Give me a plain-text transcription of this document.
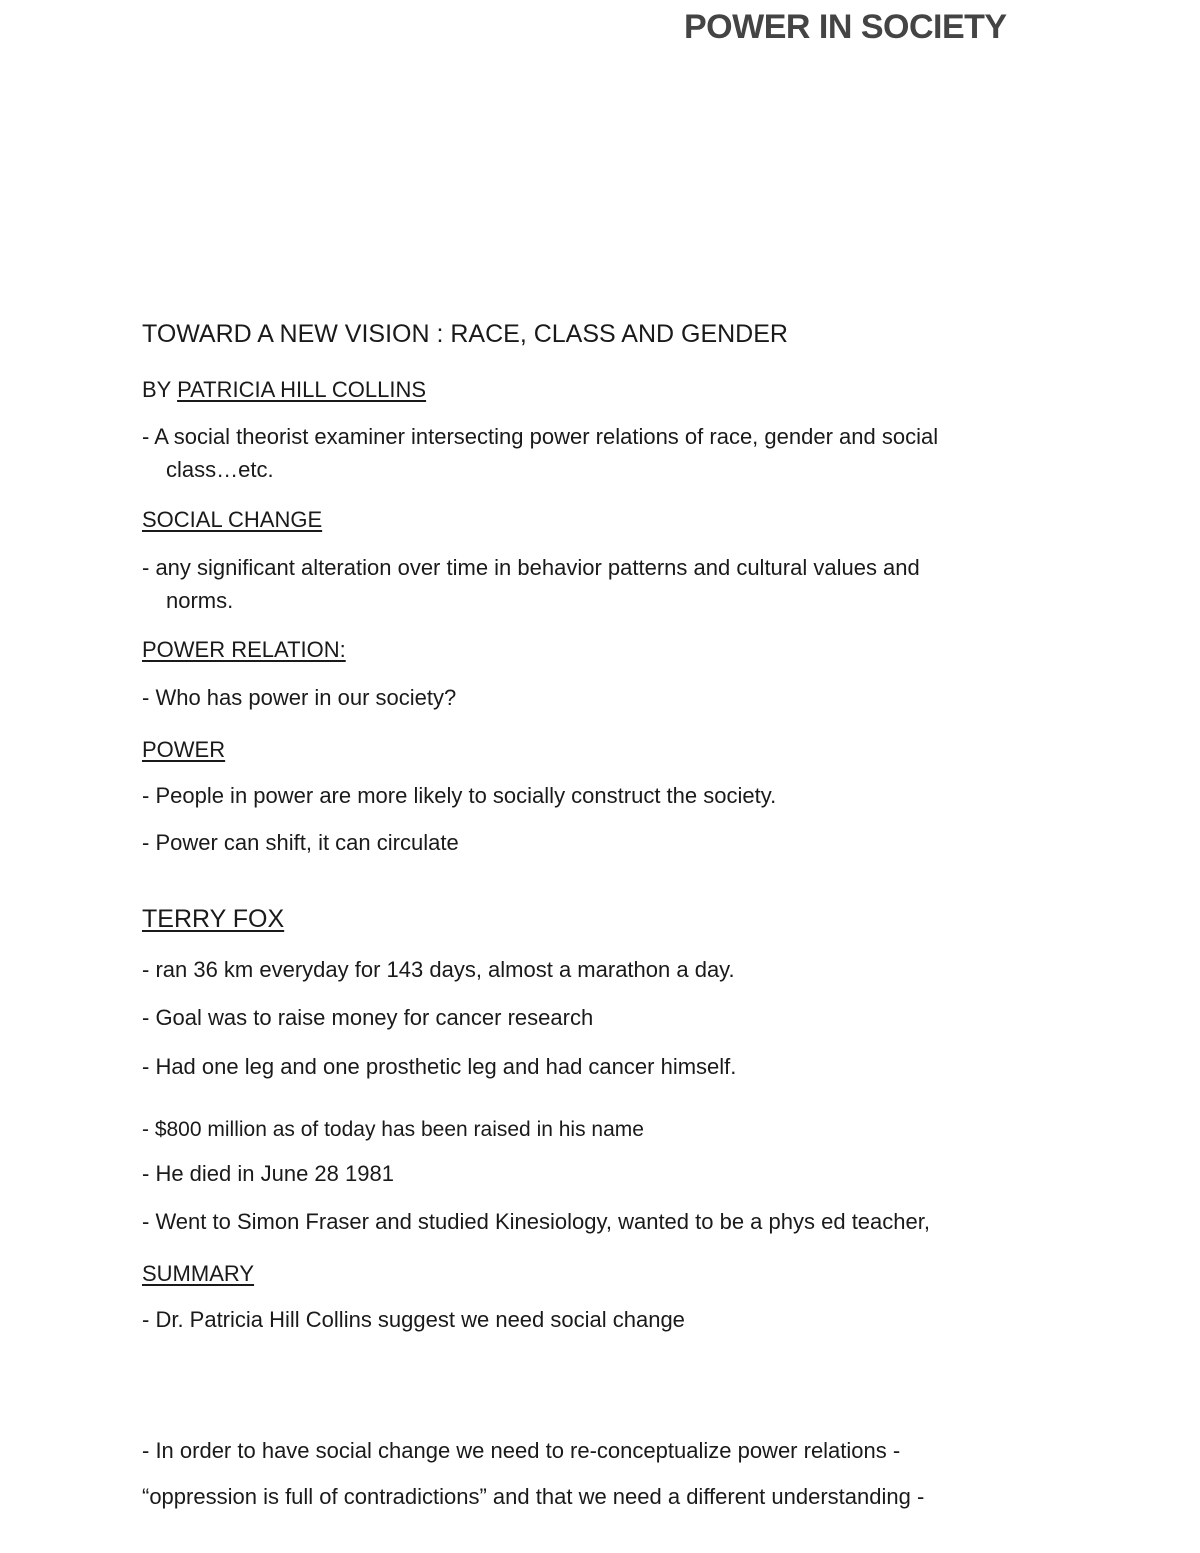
POWER IN SOCIETY
TOWARD A NEW VISION : RACE, CLASS AND GENDER
BY PATRICIA HILL COLLINS
- A social theorist examiner intersecting power relations of race, gender and social
class…etc.
SOCIAL CHANGE
- any significant alteration over time in behavior patterns and cultural values and
norms.
POWER RELATION:
- Who has power in our society?
POWER
- People in power are more likely to socially construct the society.
- Power can shift, it can circulate
TERRY FOX
- ran 36 km everyday for 143 days, almost a marathon a day.
- Goal was to raise money for cancer research
- Had one leg and one prosthetic leg and had cancer himself.
- $800 million as of today has been raised in his name
- He died in June 28 1981
- Went to Simon Fraser and studied Kinesiology, wanted to be a phys ed teacher,
SUMMARY
- Dr. Patricia Hill Collins suggest we need social change
- In order to have social change we need to re-conceptualize power relations -
“oppression is full of contradictions” and that we need a different understanding -
